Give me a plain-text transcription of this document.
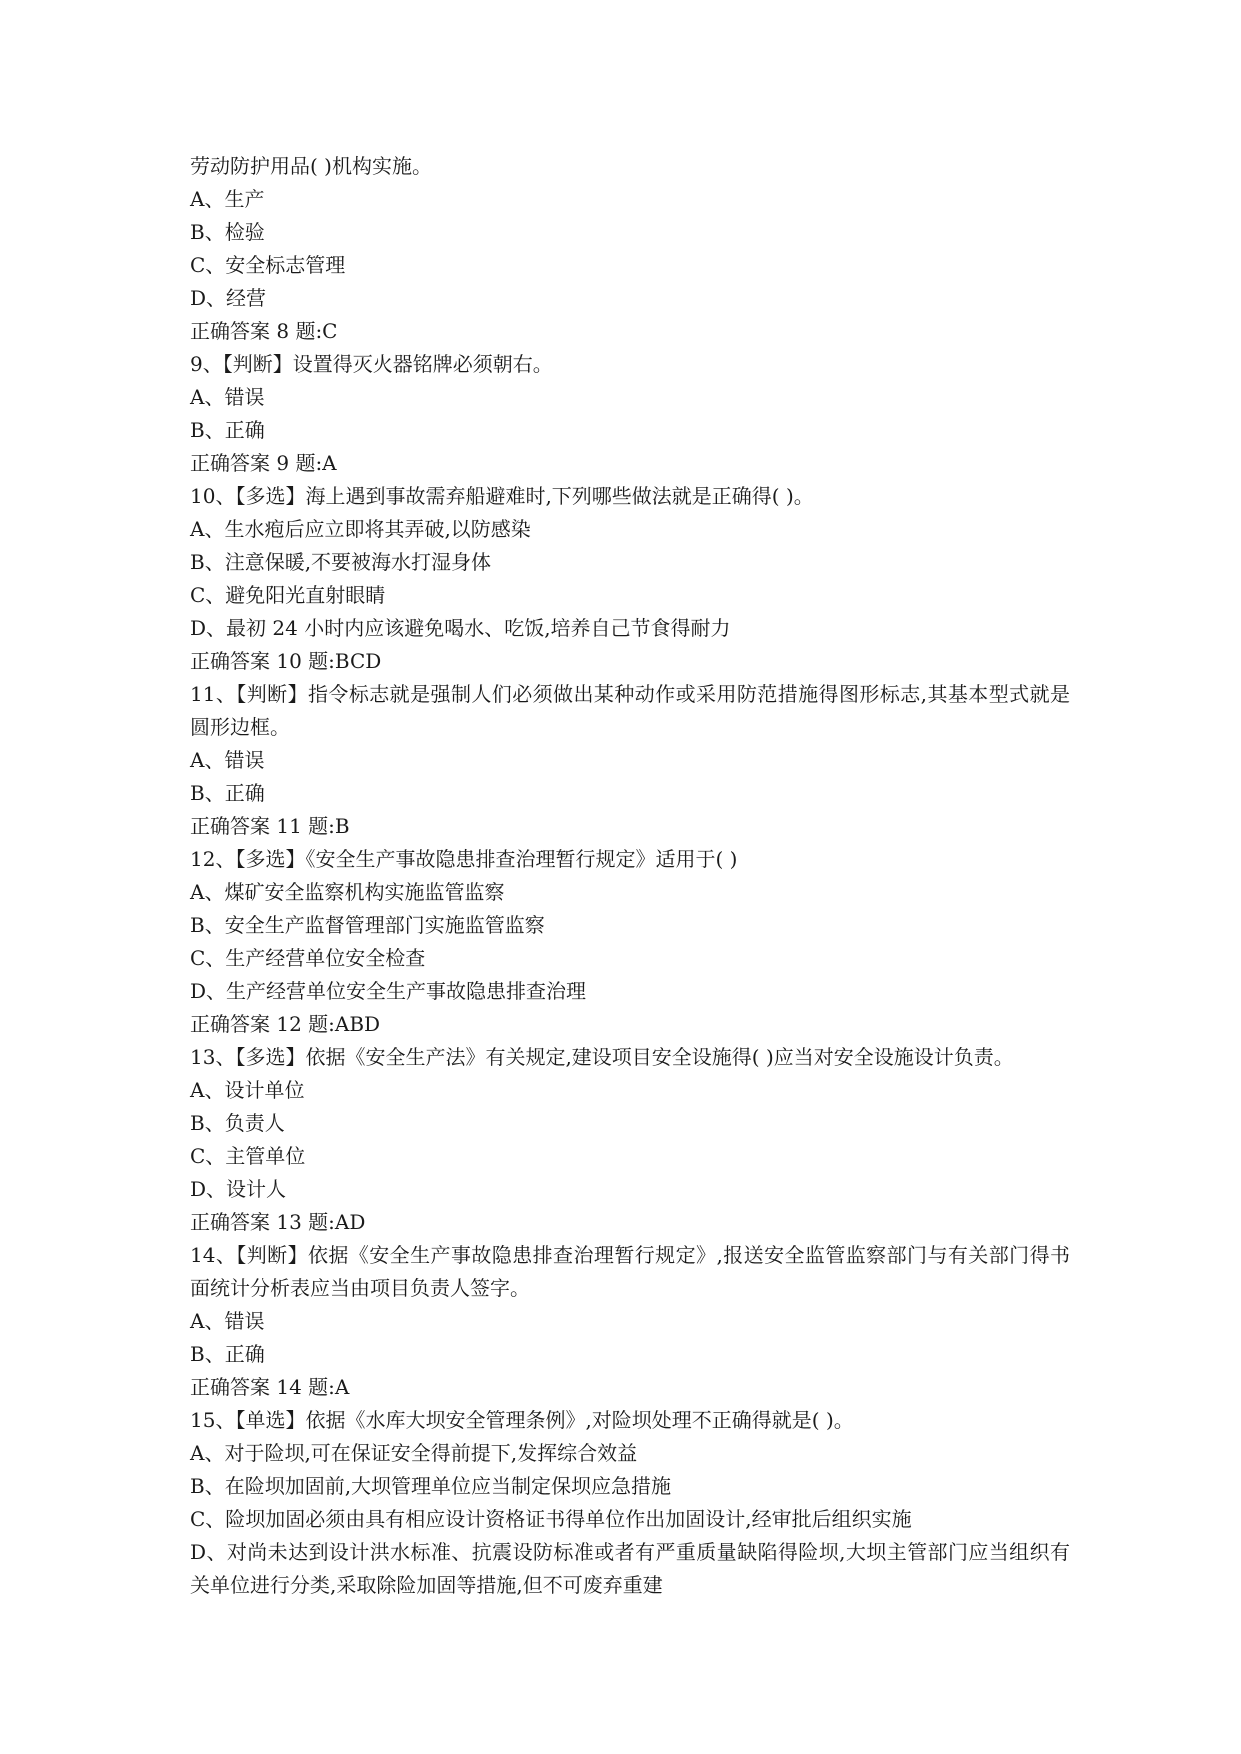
劳动防护用品( )机构实施。

A、生产

B、检验

C、安全标志管理

D、经营

正确答案 8 题:C

9、【判断】设置得灭火器铭牌必须朝右。

A、错误

B、正确

正确答案 9 题:A

10、【多选】海上遇到事故需弃船避难时,下列哪些做法就是正确得( )。

A、生水疱后应立即将其弄破,以防感染

B、注意保暖,不要被海水打湿身体

C、避免阳光直射眼睛

D、最初 24 小时内应该避免喝水、吃饭,培养自己节食得耐力

正确答案 10 题:BCD

11、【判断】指令标志就是强制人们必须做出某种动作或采用防范措施得图形标志,其基本型式就是圆形边框。

A、错误

B、正确

正确答案 11 题:B

12、【多选】《安全生产事故隐患排查治理暂行规定》适用于( )

A、煤矿安全监察机构实施监管监察

B、安全生产监督管理部门实施监管监察

C、生产经营单位安全检查

D、生产经营单位安全生产事故隐患排查治理

正确答案 12 题:ABD

13、【多选】依据《安全生产法》有关规定,建设项目安全设施得( )应当对安全设施设计负责。

A、设计单位

B、负责人

C、主管单位

D、设计人

正确答案 13 题:AD

14、【判断】依据《安全生产事故隐患排查治理暂行规定》,报送安全监管监察部门与有关部门得书面统计分析表应当由项目负责人签字。

A、错误

B、正确

正确答案 14 题:A

15、【单选】依据《水库大坝安全管理条例》,对险坝处理不正确得就是( )。

A、对于险坝,可在保证安全得前提下,发挥综合效益

B、在险坝加固前,大坝管理单位应当制定保坝应急措施

C、险坝加固必须由具有相应设计资格证书得单位作出加固设计,经审批后组织实施

D、对尚未达到设计洪水标准、抗震设防标准或者有严重质量缺陷得险坝,大坝主管部门应当组织有关单位进行分类,采取除险加固等措施,但不可废弃重建
